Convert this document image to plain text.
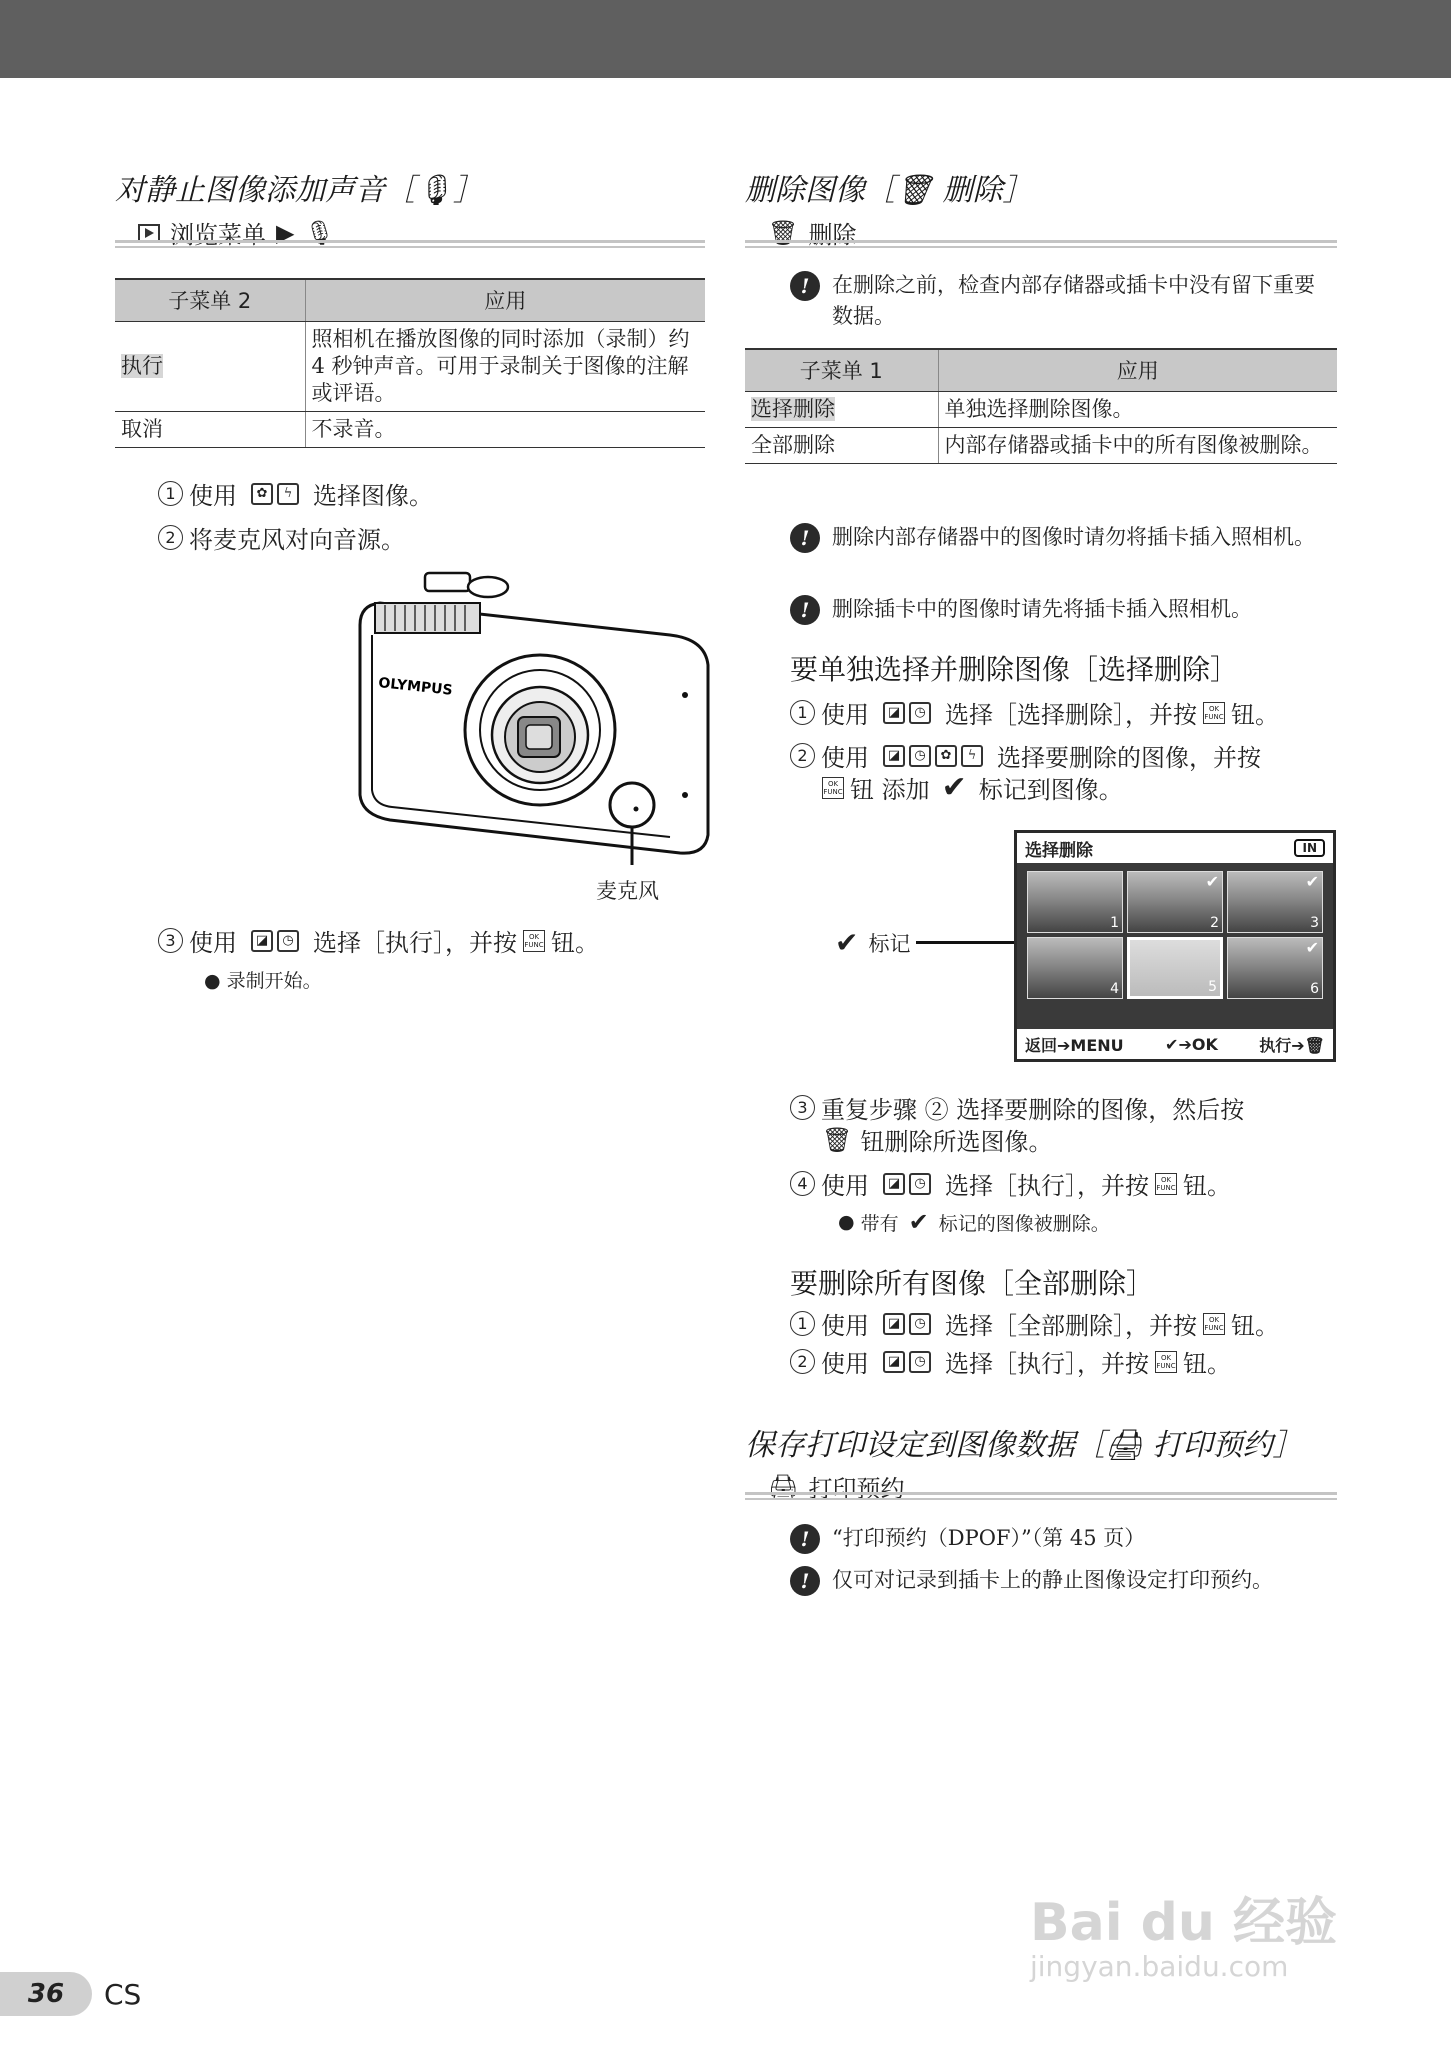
对静止图像添加声音［🎙］
浏览菜单 ▶ 🎙
子菜单 2	应用
执行	照相机在播放图像的同时添加（录制）约 4 秒钟声音。可用于录制关于图像的注解或评语。
取消	不录音。
1 使用	✿	ϟ 选择图像。
2 将麦克风对向音源。
OLYMPUS
麦克风
3 使用	◪	◷ 选择［执行］，并按	OK
FUNC 钮。
● 录制开始。
删除图像［🗑 删除］
🗑 删除
!	在删除之前，检查内部存储器或插卡中没有留下重要数据。
子菜单 1	应用
选择删除	单独选择删除图像。
全部删除	内部存储器或插卡中的所有图像被删除。
!	删除内部存储器中的图像时请勿将插卡插入照相机。
!	删除插卡中的图像时请先将插卡插入照相机。
要单独选择并删除图像［选择删除］
1 使用	◪	◷ 选择［选择删除］，并按	OK
FUNC 钮。
2 使用	◪	◷	✿	ϟ 选择要删除的图像，并按
OK
FUNC 钮 添加 ✔ 标记到图像。
✔ 标记
选择删除	IN
1
✔
2
✔
3
4	5
✔
6
返回➔MENU	✔➔OK	执行➔🗑
3 重复步骤 ② 选择要删除的图像，然后按
🗑 钮删除所选图像。
4 使用	◪	◷ 选择［执行］，并按	OK
FUNC 钮。
● 带有 ✔ 标记的图像被删除。
要删除所有图像［全部删除］
1 使用	◪	◷ 选择［全部删除］，并按	OK
FUNC 钮。
2 使用	◪	◷ 选择［执行］，并按	OK
FUNC 钮。
保存打印设定到图像数据［🖨 打印预约］
🖨 打印预约
!	“打印预约（DPOF）”（第 45 页）
!	仅可对记录到插卡上的静止图像设定打印预约。
Bai du 经验
jingyan.baidu.com
36	CS
